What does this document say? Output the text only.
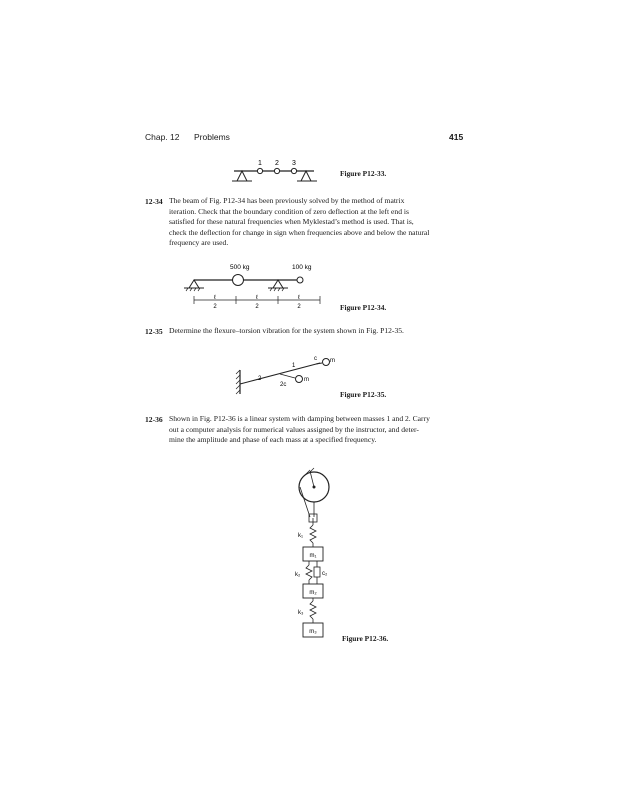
Chap. 12 Problems	415
1 2 3
Figure P12-33.
12-34 The beam of Fig. P12-34 has been previously solved by the method of matrix
iteration. Check that the boundary condition of zero deflection at the left end is
satisfied for these natural frequencies when Myklestad’s method is used. That is,
check the deflection for change in sign when frequencies above and below the natural
frequency are used.
500 kg	100 kg
ℓ
2
ℓ
2
ℓ
2	Figure P12-34.
12-35 Determine the flexure–torsion vibration for the system shown in Fig. P12-35.
1
2
c
2c
m
m
Figure P12-35.
12-36 Shown in Fig. P12-36 is a linear system with damping between masses 1 and 2. Carry
out a computer analysis for numerical values assigned by the instructor, and deter-
mine the amplitude and phase of each mass at a specified frequency.
k₁
m₁
k₂	c₂
m₂
k₃
m₃
Figure P12-36.
